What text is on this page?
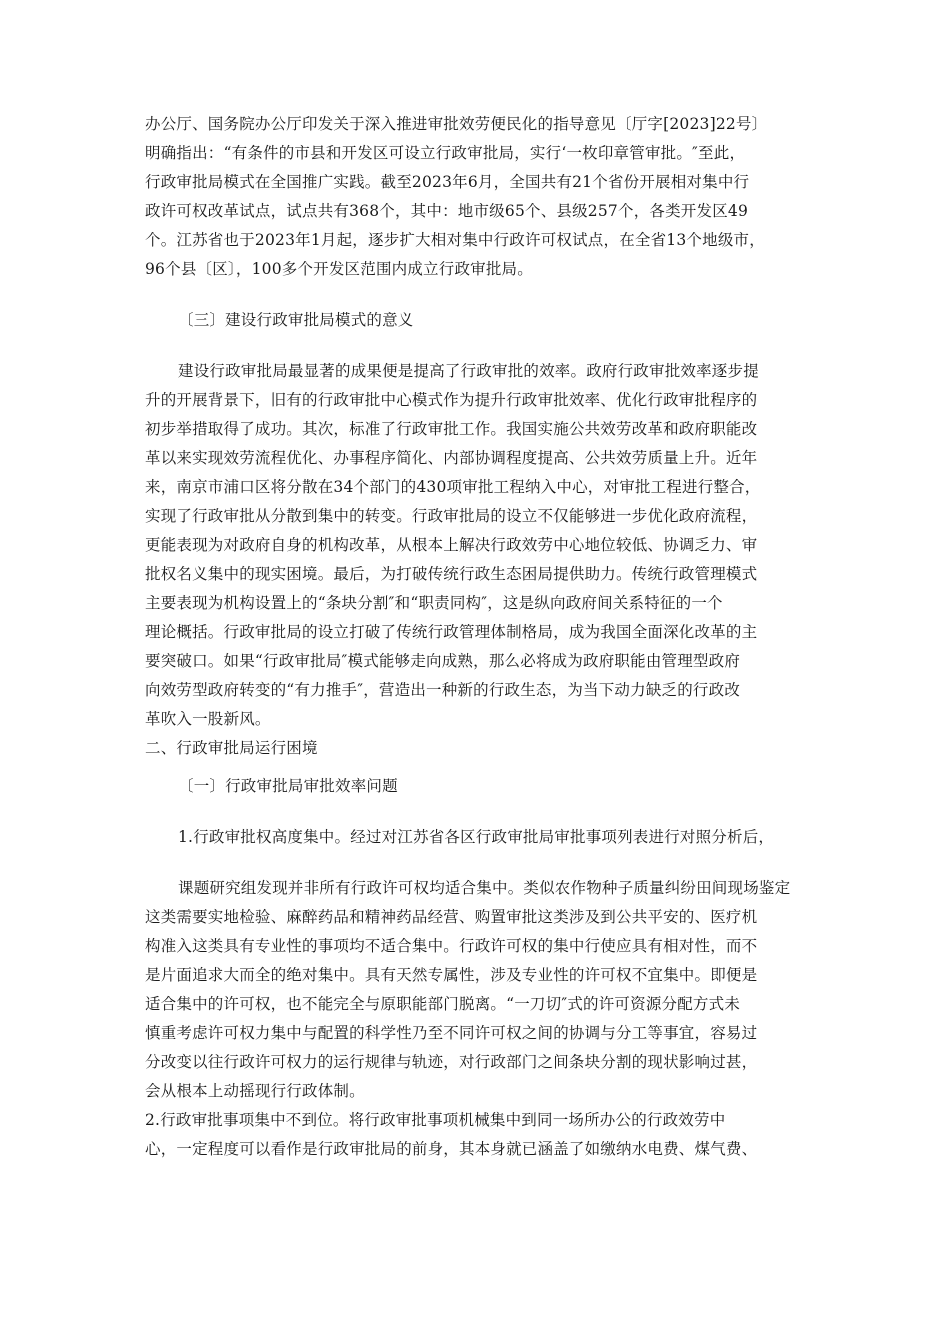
办公厅、国务院办公厅印发关于深入推进审批效劳便民化的指导意见〔厅字[2023]22号〕
明确指出：“有条件的市县和开发区可设立行政审批局，实行‘一枚印章管审批。″至此，
行政审批局模式在全国推广实践。截至2023年6月，全国共有21个省份开展相对集中行
政许可权改革试点，试点共有368个，其中：地市级65个、县级257个，各类开发区49
个。江苏省也于2023年1月起，逐步扩大相对集中行政许可权试点，在全省13个地级市，
96个县〔区〕，100多个开发区范围内成立行政审批局。
〔三〕建设行政审批局模式的意义
建设行政审批局最显著的成果便是提高了行政审批的效率。政府行政审批效率逐步提
升的开展背景下，旧有的行政审批中心模式作为提升行政审批效率、优化行政审批程序的
初步举措取得了成功。其次，标准了行政审批工作。我国实施公共效劳改革和政府职能改
革以来实现效劳流程优化、办事程序简化、内部协调程度提高、公共效劳质量上升。近年
来，南京市浦口区将分散在34个部门的430项审批工程纳入中心，对审批工程进行整合，
实现了行政审批从分散到集中的转变。行政审批局的设立不仅能够进一步优化政府流程，
更能表现为对政府自身的机构改革，从根本上解决行政效劳中心地位较低、协调乏力、审
批权名义集中的现实困境。最后，为打破传统行政生态困局提供助力。传统行政管理模式
主要表现为机构设置上的“条块分割″和“职责同构″，这是纵向政府间关系特征的一个
理论概括。行政审批局的设立打破了传统行政管理体制格局，成为我国全面深化改革的主
要突破口。如果“行政审批局″模式能够走向成熟，那么必将成为政府职能由管理型政府
向效劳型政府转变的“有力推手″，营造出一种新的行政生态，为当下动力缺乏的行政改
革吹入一股新风。
二、行政审批局运行困境
〔一〕行政审批局审批效率问题
1.行政审批权高度集中。经过对江苏省各区行政审批局审批事项列表进行对照分析后，
课题研究组发现并非所有行政许可权均适合集中。类似农作物种子质量纠纷田间现场鉴定
这类需要实地检验、麻醉药品和精神药品经营、购置审批这类涉及到公共平安的、医疗机
构准入这类具有专业性的事项均不适合集中。行政许可权的集中行使应具有相对性，而不
是片面追求大而全的绝对集中。具有天然专属性，涉及专业性的许可权不宜集中。即便是
适合集中的许可权，也不能完全与原职能部门脱离。“一刀切″式的许可资源分配方式未
慎重考虑许可权力集中与配置的科学性乃至不同许可权之间的协调与分工等事宜，容易过
分改变以往行政许可权力的运行规律与轨迹，对行政部门之间条块分割的现状影响过甚，
会从根本上动摇现行行政体制。
2.行政审批事项集中不到位。将行政审批事项机械集中到同一场所办公的行政效劳中
心，一定程度可以看作是行政审批局的前身，其本身就已涵盖了如缴纳水电费、煤气费、
